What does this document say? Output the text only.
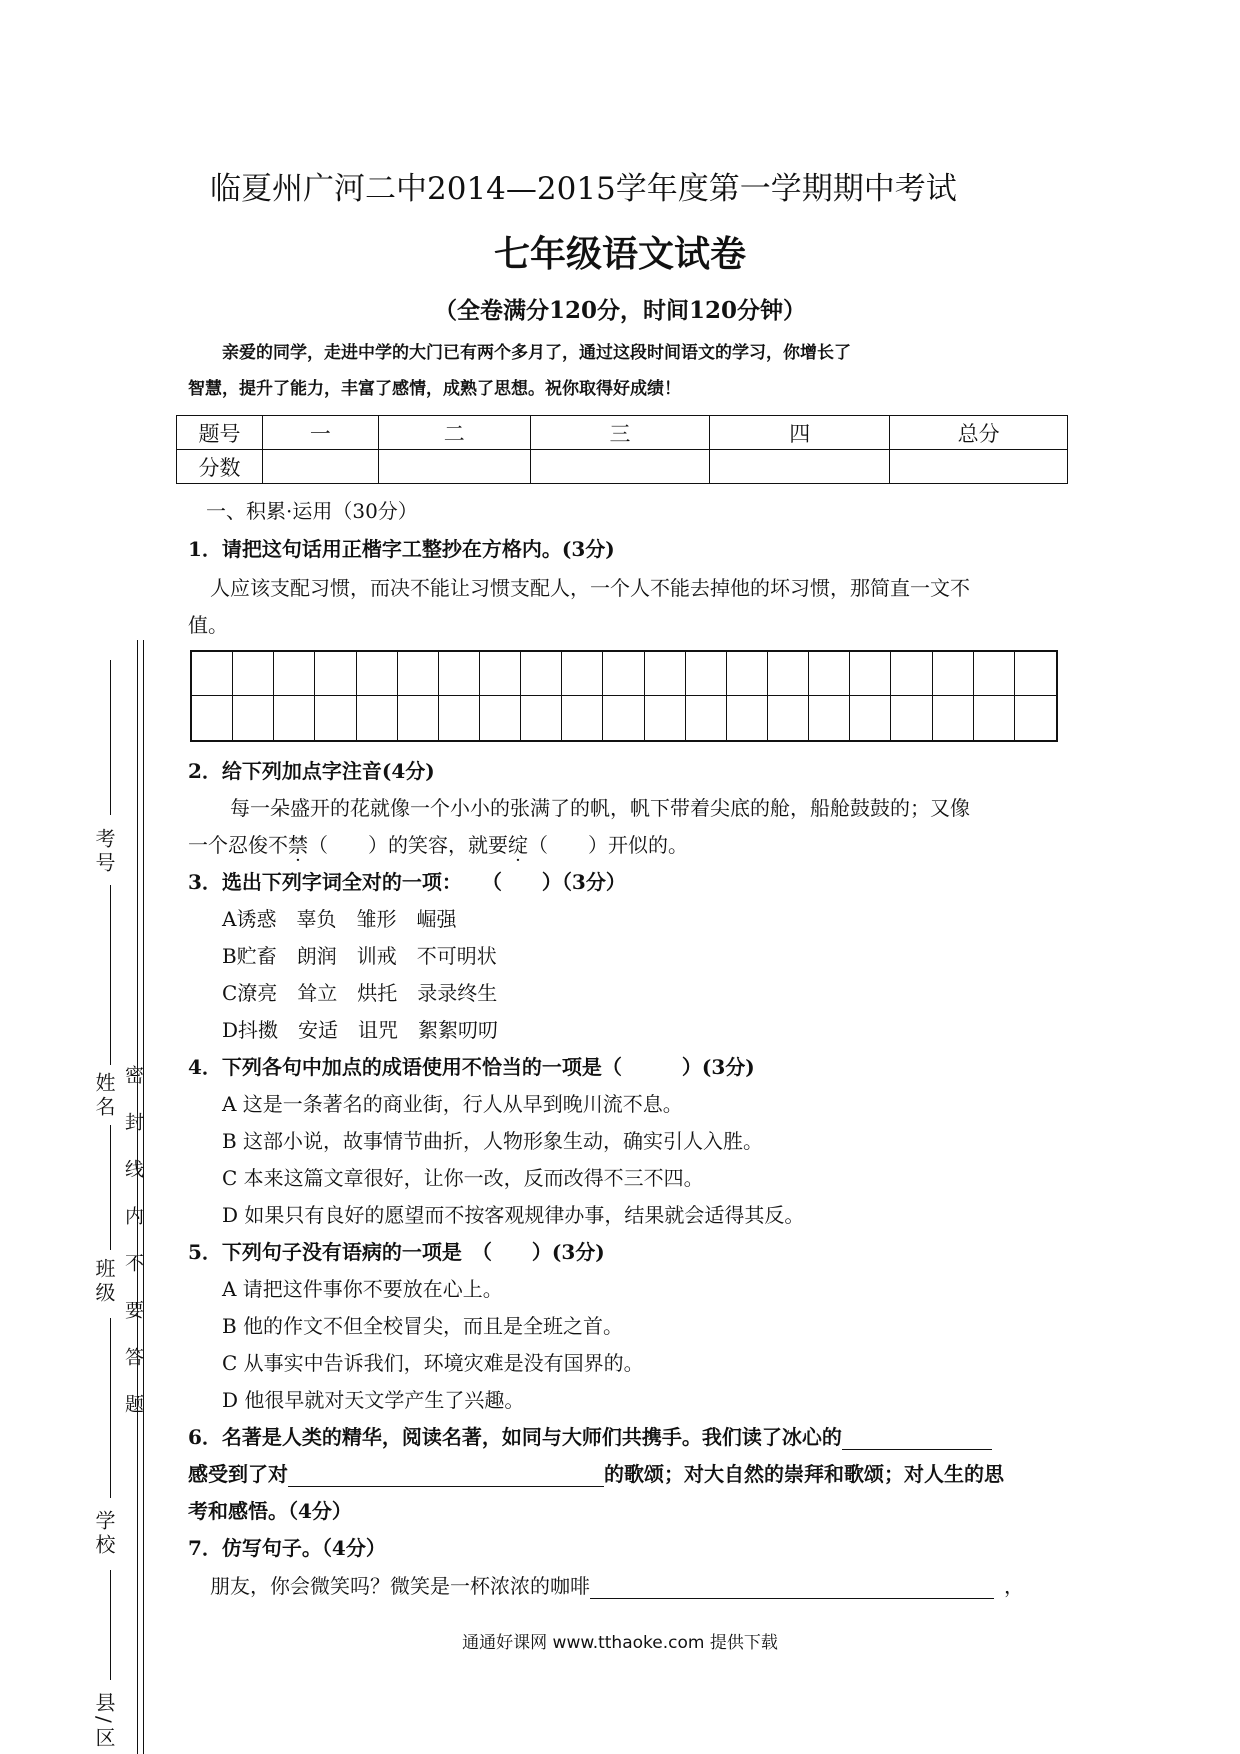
临夏州广河二中2014—2015学年度第一学期期中考试
七年级语文试卷
（全卷满分120分，时间120分钟）
亲爱的同学，走进中学的大门已有两个多月了，通过这段时间语文的学习，你增长了
智慧，提升了能力，丰富了感情，成熟了思想。祝你取得好成绩！
题号	一	二	三	四	总分
分数					
一、积累·运用（30分）
1．请把这句话用正楷字工整抄在方格内。(3分)
人应该支配习惯，而决不能让习惯支配人，一个人不能去掉他的坏习惯，那简直一文不
值。
2．给下列加点字注音(4分)
每一朵盛开的花就像一个小小的张满了的帆，帆下带着尖底的舱，船舱鼓鼓的；又像
一个忍俊不禁（　　）的笑容，就要绽（　　）开似的。
3．选出下列字词全对的一项：　　（　　）（3分）
A诱惑　辜负　雏形　崛强
B贮畜　朗润　训戒　不可明状
C潦亮　耸立　烘托　录录终生
D抖擞　安适　诅咒　絮絮叨叨
4．下列各句中加点的成语使用不恰当的一项是（　　　）(3分)
A 这是一条著名的商业街，行人从早到晚川流不息。
B 这部小说，故事情节曲折，人物形象生动，确实引人入胜。
C 本来这篇文章很好，让你一改，反而改得不三不四。
D 如果只有良好的愿望而不按客观规律办事，结果就会适得其反。
5．下列句子没有语病的一项是　（　　）(3分)
A 请把这件事你不要放在心上。
B 他的作文不但全校冒尖，而且是全班之首。
C 从事实中告诉我们，环境灾难是没有国界的。
D 他很早就对天文学产生了兴趣。
6．名著是人类的精华，阅读名著，如同与大师们共携手。我们读了冰心的
感受到了对	的歌颂；对大自然的崇拜和歌颂；对人生的思
考和感悟。（4分）
7．仿写句子。（4分）
朋友，你会微笑吗？微笑是一杯浓浓的咖啡	，
通通好课网 www.tthaoke.com 提供下载
考号
姓名
班级
学校
县/区
密封线内不要答题
